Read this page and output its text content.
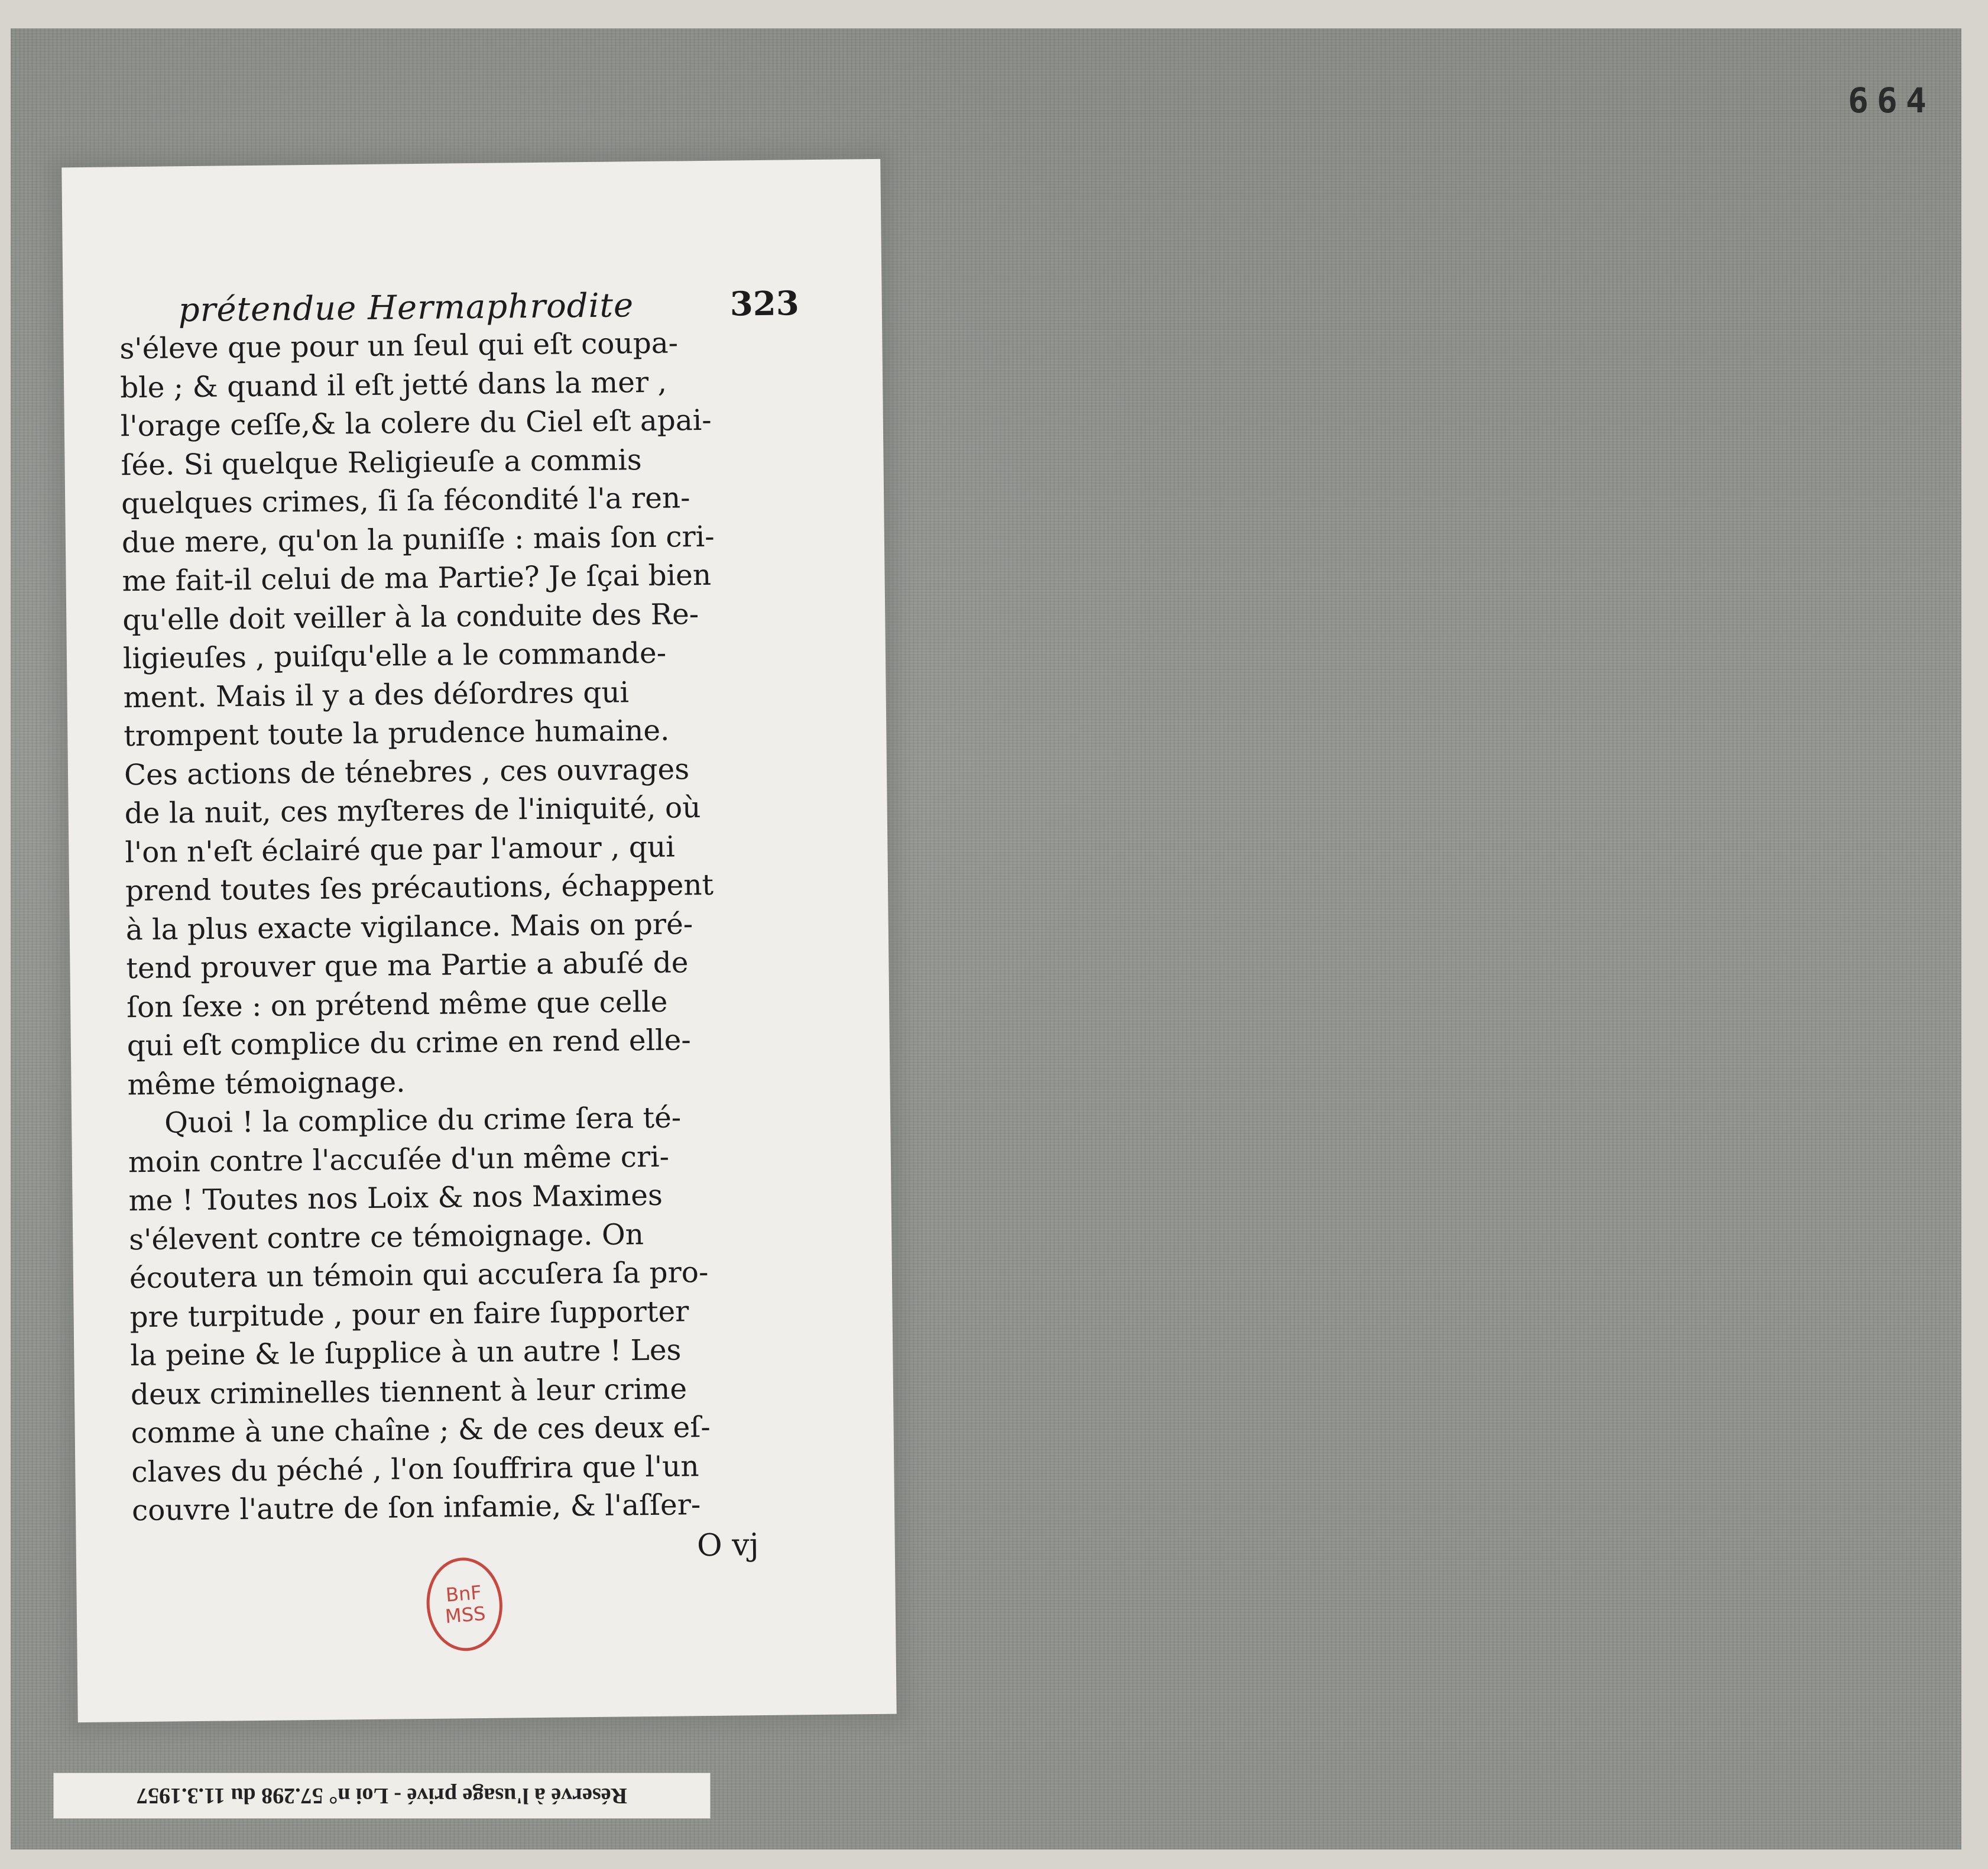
664
prétendue Hermaphrodite	323

s'éleve que pour un ſeul qui eſt coupa-
ble ; & quand il eſt jetté dans la mer ,
l'orage ceſſe,& la colere du Ciel eſt apai-
ſée. Si quelque Religieuſe a commis
quelques crimes, ſi ſa fécondité l'a ren-
due mere, qu'on la puniſſe : mais ſon cri-
me fait-il celui de ma Partie? Je ſçai bien
qu'elle doit veiller à la conduite des Re-
ligieuſes , puiſqu'elle a le commande-
ment. Mais il y a des déſordres qui
trompent toute la prudence humaine.
Ces actions de ténebres , ces ouvrages
de la nuit, ces myſteres de l'iniquité, où
l'on n'eſt éclairé que par l'amour , qui
prend toutes ſes précautions, échappent
à la plus exacte vigilance. Mais on pré-
tend prouver que ma Partie a abuſé de
ſon ſexe : on prétend même que celle
qui eſt complice du crime en rend elle-
même témoignage.
Quoi ! la complice du crime ſera té-
moin contre l'accuſée d'un même cri-
me ! Toutes nos Loix & nos Maximes
s'élevent contre ce témoignage. On
écoutera un témoin qui accuſera ſa pro-
pre turpitude , pour en faire ſupporter
la peine & le ſupplice à un autre ! Les
deux criminelles tiennent à leur crime
comme à une chaîne ; & de ces deux eſ-
claves du péché , l'on ſouffrira que l'un
couvre l'autre de ſon infamie, & l'aſſer-

O vj
BnF
MSS
Réservé à l'usage privé - Loi n° 57.298 du 11.3.1957
